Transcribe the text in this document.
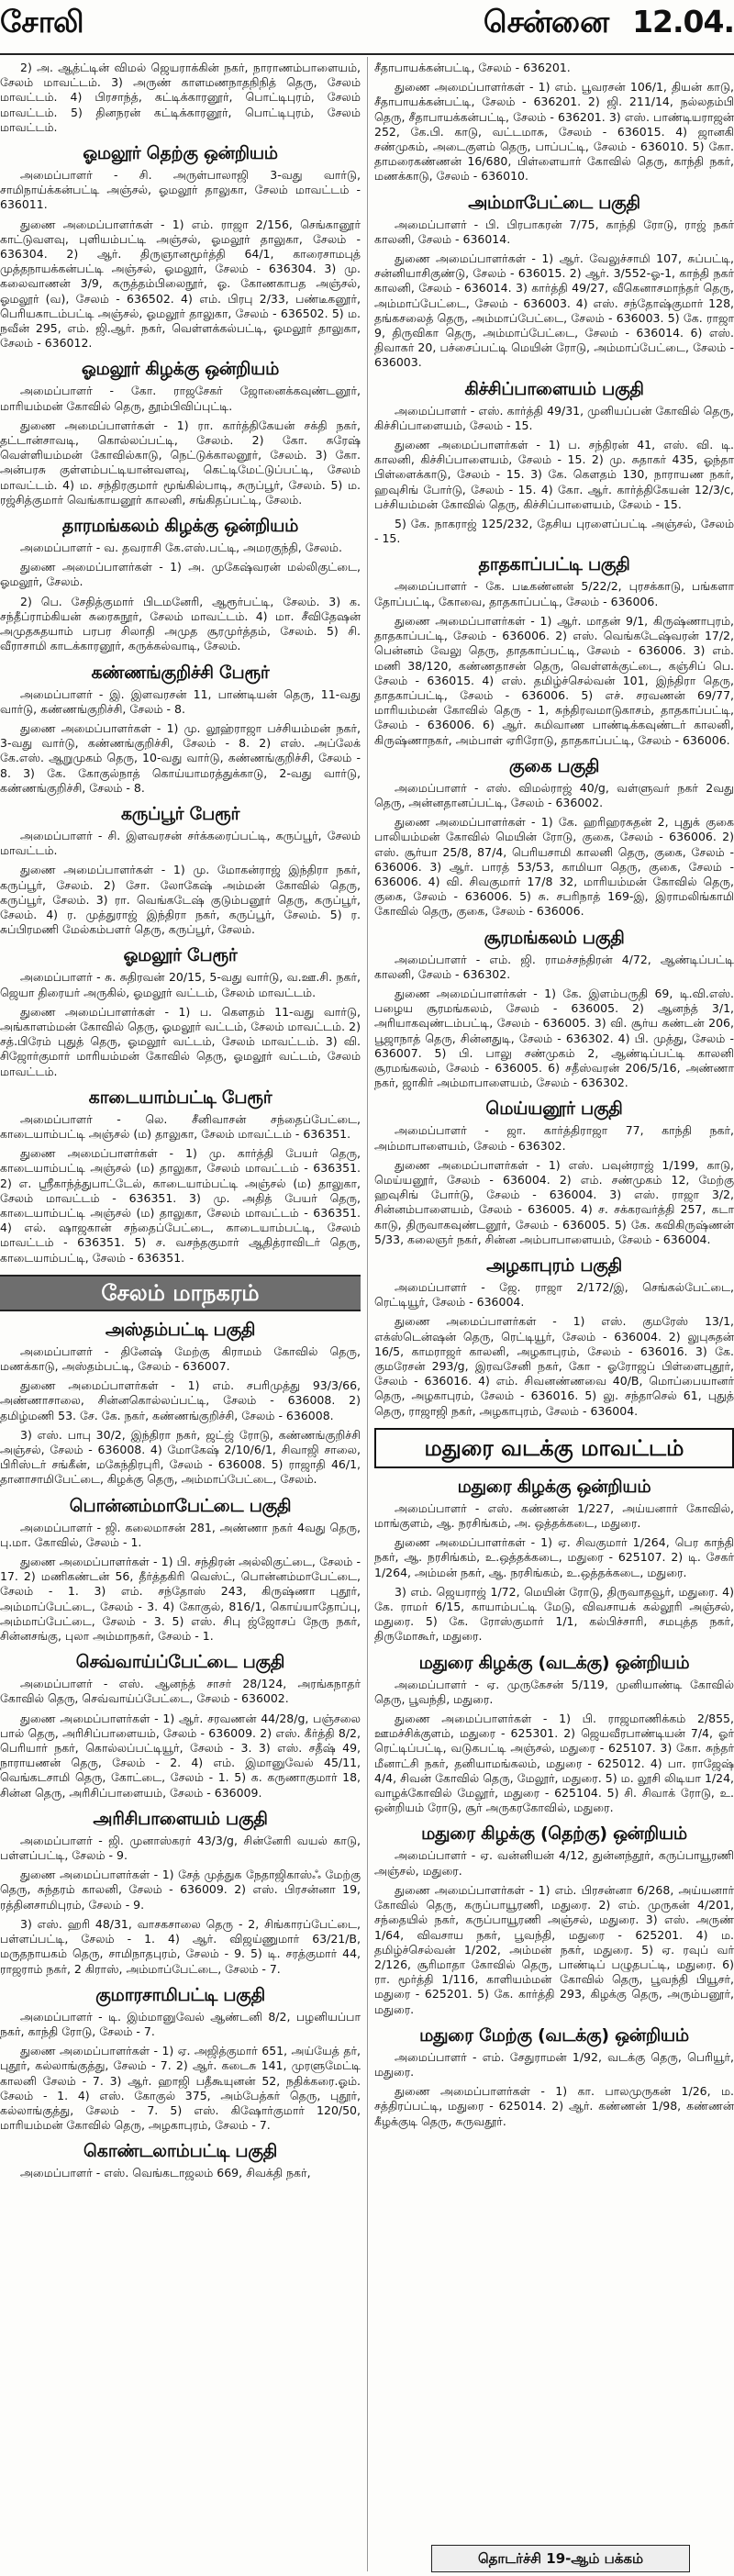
சோலி	சென்னை 12.04.
2) அ. ஆத்ட்டின் விமல் ஜெயராக்கின் நகர், நாராணம்பாளையம், சேலம் மாவட்டம். 3) அருண் காளமணநாதநிநித் தெரு, சேலம் மாவட்டம். 4) பிரசாந்த், கட்டிக்காரனூர், பொட்டிபுரம், சேலம் மாவட்டம். 5) தினநரன் கட்டிக்காரனூர், பொட்டிபுரம், சேலம் மாவட்டம்.
ஓமலூர் தெற்கு ஒன்றியம்
அமைப்பாளர் - சி. அருள்பாலாஜி 3-வது வார்டு, சாமிநாய்க்கன்பட்டி அஞ்சல், ஓமலூர் தாலுகா, சேலம் மாவட்டம் - 636011.
துணை அமைப்பாளர்கள் - 1) எம். ராஜா 2/156, செங்கானூர் காட்டுவளவு, புளியம்பட்டி அஞ்சல், ஓமலூர் தாலுகா, சேலம் - 636304. 2) ஆர். திருஞானமூர்த்தி 64/1, காரைசாமபுத் முத்தநாயக்கன்பட்டி அஞ்சல், ஓமலூர், சேலம் - 636304. 3) மு. கலைவாணன் 3/9, கருத்தம்பிலைநூர், ஓ. கோணகாபத அஞ்சல், ஓமலூர் (வ), சேலம் - 636502. 4) எம். பிரபு 2/33, பண்டீகனூர், பெரியகாடம்பட்டி அஞ்சல், ஓமலூர் தாலுகா, சேலம் - 636502. 5) ம. நவீன் 295, எம். ஜி.ஆர். நகர், வெள்ளக்கல்பட்டி, ஓமலூர் தாலுகா, சேலம் - 636012.
ஓமலூர் கிழக்கு ஒன்றியம்
அமைப்பாளர் - கோ. ராஜசேகர் ஜோனைக்கவுண்டனூர், மாரியம்மன் கோவில் தெரு, தூம்பிவிப்புட்டி.
துணை அமைப்பாளர்கள் - 1) ரா. கார்த்திகேயன் சக்தி நகர், தட்டான்சாவடி, கொல்லப்பட்டி, சேலம். 2) கோ. சுரேஷ் வெள்ளியம்மன் கோவில்காடு, நெட்டுக்காலனூர், சேலம். 3) கோ. அன்பரசு குள்ளம்பட்டியான்வளவு, கெட்டிமேட்டுப்பட்டி, சேலம் மாவட்டம். 4) ம. சந்திரகுமார் மூங்கில்பாடி, சுருப்பூர், சேலம். 5) ம. ரஜ்சித்குமார் வெங்காயனூர் காலனி, சங்கிதப்பட்டி, சேலம்.
தாரமங்கலம் கிழக்கு ஒன்றியம்
அமைப்பாளர் - வ. தவராசி கே.எஸ்.பட்டி, அமரகுந்தி, சேலம்.
துணை அமைப்பாளர்கள் - 1) அ. முகேஷ்வரன் மல்லிகுட்டை, ஓமலூர், சேலம்.
2) பெ. சேதித்குமார் பிடமனேரி, ஆரூர்பட்டி, சேலம். 3) க. சந்தீப்ராம்கியன் சுரைசுநூர், சேலம் மாவட்டம். 4) மா. சீவிதேஷன் அமுதசுதயாம் பரபர சிலாதி அமுத சூரமுர்த்தம், சேலம். 5) சி. வீராசாமி காடக்காரனூர், கருக்கல்வாடி, சேலம்.
கண்ணங்குறிச்சி பேரூர்
அமைப்பாளர் - இ. இளவரசன் 11, பாண்டியன் தெரு, 11-வது வார்டு, கண்ணங்குறிச்சி, சேலம் - 8.
துணை அமைப்பாளர்கள் - 1) மு. லூஹ்ராஜா பச்சியம்மன் நகர், 3-வது வார்டு, கண்ணங்குறிச்சி, சேலம் - 8. 2) எஸ். அப்லேக் கே.எஸ். ஆறுமுகம் தெரு, 10-வது வார்டு, கண்ணங்குறிச்சி, சேலம் - 8. 3) கே. கோகுல்நாத் கொய்யாமரத்துக்காடு, 2-வது வார்டு, கண்ணங்குறிச்சி, சேலம் - 8.
கருப்பூர் பேரூர்
அமைப்பாளர் - சி. இளவரசன் சர்க்கரைப்பட்டி, கருப்பூர், சேலம் மாவட்டம்.
துணை அமைப்பாளர்கள் - 1) மு. மோகன்ராஜ் இந்திரா நகர், கருப்பூர், சேலம். 2) சோ. லோகேஷ் அம்மன் கோவில் தெரு, கருப்பூர், சேலம். 3) ரா. வெங்கடேஷ் குடும்பனூர் தெரு, கருப்பூர், சேலம். 4) ர. முத்துராஜ் இந்திரா நகர், கருப்பூர், சேலம். 5) ர. சுப்பிரமணி மேல்கம்பளர் தெரு, கருப்பூர், சேலம்.
ஓமலூர் பேரூர்
அமைப்பாளர் - சு. சுதிரவன் 20/15, 5-வது வார்டு, வ.ஊ.சி. நகர், ஜெயா திரையர் அருகில், ஓமலூர் வட்டம், சேலம் மாவட்டம்.
துணை அமைப்பாளர்கள் - 1) ப. கௌதம் 11-வது வார்டு, அங்காளம்மன் கோவில் தெரு, ஓமலூர் வட்டம், சேலம் மாவட்டம். 2) சத்.பிரேம் புதுத் தெரு, ஓமலூர் வட்டம், சேலம் மாவட்டம். 3) வி. சிஜோர்குமார் மாரியம்மன் கோவில் தெரு, ஓமலூர் வட்டம், சேலம் மாவட்டம்.
காடையாம்பட்டி பேரூர்
அமைப்பாளர் - லெ. சீனிவாசன் சந்தைப்பேட்டை, காடையாம்பட்டி அஞ்சல் (ம) தாலுகா, சேலம் மாவட்டம் - 636351.
துணை அமைப்பாளர்கள் - 1) மு. கார்த்தி பேயர் தெரு, காடையாம்பட்டி அஞ்சல் (ம) தாலுகா, சேலம் மாவட்டம் - 636351. 2) எ. ஸ்ரீகாந்த்துபாட்டேல், காடையாம்பட்டி அஞ்சல் (ம) தாலுகா, சேலம் மாவட்டம் - 636351. 3) மு. அதித் பேயர் தெரு, காடையாம்பட்டி அஞ்சல் (ம) தாலுகா, சேலம் மாவட்டம் - 636351. 4) எல். ஷாஜகான் சந்தைப்பேட்டை, காடையாம்பட்டி, சேலம் மாவட்டம் - 636351. 5) ச. வசந்தகுமார் ஆதித்ராவிடர் தெரு, காடையாம்பட்டி, சேலம் - 636351.
சேலம் மாநகரம்
அஸ்தம்பட்டி பகுதி
அமைப்பாளர் - தினேஷ் மேற்கு கிராமம் கோவில் தெரு, மணக்காடு, அஸ்தம்பட்டி, சேலம் - 636007.
துணை அமைப்பாளர்கள் - 1) எம். சபரிமுத்து 93/3/66, அண்ணாசாலை, சின்னகொல்லப்பட்டி, சேலம் - 636008. 2) தமிழ்மணி 53. சே. கே. நகர், கண்ணங்குறிச்சி, சேலம் - 636008.
3) எஸ். பாபு 30/2, இந்திரா நகர், ஜட்ஜ் ரோடு, கண்ணங்குறிச்சி அஞ்சல், சேலம் - 636008. 4) மோகேஷ் 2/10/6/1, சிவாஜி சாலை, பிரிஸ்டர் சங்கீன், மகேந்திரபுரி, சேலம் - 636008. 5) ராஜாதி 46/1, தானாசாமிபேட்டை, கிழக்கு தெரு, அம்மாப்பேட்டை, சேலம்.
பொன்னம்மாபேட்டை பகுதி
அமைப்பாளர் - ஜி. கலைமாசன் 281, அண்ணா நகர் 4வது தெரு, பு.மா. கோவில், சேலம் - 1.
துணை அமைப்பாளர்கள் - 1) பி. சந்திரன் அல்லிகுட்டை, சேலம் - 17. 2) மணிகண்டன் 56, தீர்த்தகிரி வெஸ்ட், பொன்னம்மாபேட்டை, சேலம் - 1. 3) எம். சந்தோஸ் 243, கிருஷ்ணா புதூர், அம்மாப்பேட்டை, சேலம் - 3. 4) கோகுல், 816/1, கொய்யாதோப்பு, அம்மாப்பேட்டை, சேலம் - 3. 5) எஸ். சிபு ஜ்ஜோசப் நேரு நகர், சின்னசங்கு, புலா அம்மாநகர், சேலம் - 1.
செவ்வாய்ப்பேட்டை பகுதி
அமைப்பாளர் - எஸ். ஆனந்த் சாசர் 28/124, அரங்கநாதர் கோவில் தெரு, செவ்வாய்ப்பேட்டை, சேலம் - 636002.
துணை அமைப்பாளர்கள் - 1) ஆர். சரவணன் 44/28/g, பஞ்சலை பால் தெரு, அரிசிப்பாளையம், சேலம் - 636009. 2) எஸ். கீர்த்தி 8/2, பெரியார் நகர், கொல்லப்பட்டியூர், சேலம் - 3. 3) எஸ். சதீஷ் 49, நாராயணன் தெரு, சேலம் - 2. 4) எம். இமானுவேல் 45/11, வெங்கடசாமி தெரு, கோட்டை, சேலம் - 1. 5) க. கருணாகுமார் 18, சின்ன தெரு, அரிசிப்பாளையம், சேலம் - 636009.
அரிசிபாளையம் பகுதி
அமைப்பாளர் - ஜி. முனாஸ்கரர் 43/3/g, சின்னேரி வயல் காடு, பள்ளப்பட்டி, சேலம் - 9.
துணை அமைப்பாளர்கள் - 1) சேத் முத்துக நேதாஜிகாஸ்ஃ மேற்கு தெரு, சுந்தரம் காலனி, சேலம் - 636009. 2) எஸ். பிரசன்னா 19, ரத்தினசாமிபுரம், சேலம் - 9.
3) எஸ். ஹரி 48/31, வாசகசாலை தெரு - 2, சிங்காரப்பேட்டை, பள்ளப்பட்டி, சேலம் - 1. 4) ஆர். விஜய்ணுமார் 63/21/B, மருதநாயகம் தெரு, சாமிநாதபுரம், சேலம் - 9. 5) டி. சரத்குமார் 44, ராஜராம் நகர், 2 கிராஸ், அம்மாப்பேட்டை, சேலம் - 7.
குமாரசாமிபட்டி பகுதி
அமைப்பாளர் - டி. இம்மானுவேல் ஆண்டனி 8/2, பழனியப்பா நகர், காந்தி ரோடு, சேலம் - 7.
துணை அமைப்பாளர்கள் - 1) ஏ. அஜித்குமார் 651, அய்யேத் தர், புதூர், கல்லாங்குத்து, சேலம் - 7. 2) ஆர். கடைசு 141, முரளுமேட்டி காலனி சேலம் - 7. 3) ஆர். ஹாஜி பதீகூயுனன் 52, நதிக்கரை.ஓம். சேலம் - 1. 4) எஸ். கோகுல் 375, அம்பேத்கர் தெரு, புதூர், கல்லாங்குத்து, சேலம் - 7. 5) எஸ். கிஷோர்குமார் 120/50, மாரியம்மன் கோவில் தெரு, அழகாபுரம், சேலம் - 7.
கொண்டலாம்பட்டி பகுதி
அமைப்பாளர் - எஸ். வெங்கடாஜலம் 669, சிவக்தி நகர்,
சீதாபாயக்கன்பட்டி, சேலம் - 636201.
துணை அமைப்பாளர்கள் - 1) எம். பூவரசன் 106/1, தியன் காடு, சீதாபாயக்கன்பட்டி, சேலம் - 636201. 2) ஜி. 211/14, நல்லதம்பி தெரு, சீதாபாயக்கன்பட்டி, சேலம் - 636201. 3) எஸ். பாண்டியராஜன் 252, கே.பி. காடு, வட்டமாசு, சேலம் - 636015. 4) ஜானகி சண்முகம், அடைகுளம் தெரு, பாப்பட்டி, சேலம் - 636010. 5) கோ. தாமரைகண்ணன் 16/680, பிள்ளையார் கோவில் தெரு, காந்தி நகர், மணக்காடு, சேலம் - 636010.
அம்மாபேட்டை பகுதி
அமைப்பாளர் - பி. பிரபாகரன் 7/75, காந்தி ரோடு, ராஜ் நகர் காலனி, சேலம் - 636014.
துணை அமைப்பாளர்கள் - 1) ஆர். வேலுச்சாமி 107, சுப்பட்டி, சன்னியாசிகுண்டு, சேலம் - 636015. 2) ஆர். 3/552-ஓ-1, காந்தி நகர் காலனி, சேலம் - 636014. 3) கார்த்தி 49/27, வீகெனாசமாந்தர் தெரு, அம்மாப்பேட்டை, சேலம் - 636003. 4) எஸ். சந்தோஷ்குமார் 128, தங்கசலைத் தெரு, அம்மாப்பேட்டை, சேலம் - 636003. 5) கே. ராஜா 9, திருவிகா தெரு, அம்மாப்பேட்டை, சேலம் - 636014. 6) எஸ். திவாகர் 20, பச்சைப்பட்டி மெயின் ரோடு, அம்மாப்பேட்டை, சேலம் - 636003.
கிச்சிப்பாளையம் பகுதி
அமைப்பாளர் - எஸ். கார்த்தி 49/31, முனியப்பன் கோவில் தெரு, கிச்சிப்பாளையம், சேலம் - 15.
துணை அமைப்பாளர்கள் - 1) ப. சந்திரன் 41, எஸ். வி. டி. காலனி, கிச்சிப்பாளையம், சேலம் - 15. 2) மு. சுதாகர் 435, ஓந்தா பிள்ளைக்காடு, சேலம் - 15. 3) கே. கௌதம் 130, நாராயண நகர், ஹவுசிங் போர்டு, சேலம் - 15. 4) கோ. ஆர். கார்த்திகேயன் 12/3/c, பச்சியம்மன் கோவில் தெரு, கிச்சிப்பாளையம், சேலம் - 15.
5) கே. நாகராஜ் 125/232, தேசிய புரளைப்பட்டி அஞ்சல், சேலம் - 15.
தாதகாப்பட்டி பகுதி
அமைப்பாளர் - கே. படீகண்னன் 5/22/2, புரசக்காடு, பங்களா தோப்பட்டி, கோவை, தாதகாப்பட்டி, சேலம் - 636006.
துணை அமைப்பாளர்கள் - 1) ஆர். மாதன் 9/1, கிருஷ்ணாபுரம், தாதகாப்பட்டி, சேலம் - 636006. 2) எஸ். வெங்கடேஷ்வரன் 17/2, பென்னம் வேலு தெரு, தாதகாப்பட்டி, சேலம் - 636006. 3) எம். மணி 38/120, கண்ணதாசன் தெரு, வெள்ளக்குட்டை, கஞ்சிப் பெ. சேலம் - 636015. 4) எஸ். தமிழ்ச்செல்வன் 101, இந்திரா தெரு, தாதகாப்பட்டி, சேலம் - 636006. 5) எச். சரவணன் 69/77, மாரியம்மன் கோவில் தெரு - 1, சுந்திரவமாடுகாசம், தாதகாப்பட்டி, சேலம் - 636006. 6) ஆர். சுமிவாண பாண்டிக்கவுண்டர் காலனி, கிருஷ்ணாநகர், அம்பாள் ஏரிரோடு, தாதகாப்பட்டி, சேலம் - 636006.
குகை பகுதி
அமைப்பாளர் - எஸ். விமல்ராஜ் 40/g, வள்ளுவர் நகர் 2வது தெரு, அன்னதானப்பட்டி, சேலம் - 636002.
துணை அமைப்பாளர்கள் - 1) கே. ஹரிஹரசுதன் 2, புதுக் குகை பாலியம்மன் கோவில் மெயின் ரோடு, குகை, சேலம் - 636006. 2) எஸ். சூர்யா 25/8, 87/4, பெரியசாமி காலனி தெரு, குகை, சேலம் - 636006. 3) ஆர். பாரத் 53/53, காமியா தெரு, குகை, சேலம் - 636006. 4) வி. சிவகுமார் 17/8 32, மாரியம்மன் கோவில் தெரு, குகை, சேலம் - 636006. 5) சு. சபரிநாத் 169-இ, இராமலிங்காமி கோவில் தெரு, குகை, சேலம் - 636006.
சூரமங்கலம் பகுதி
அமைப்பாளர் - எம். ஜி. ராமச்சந்திரன் 4/72, ஆண்டிப்பட்டி காலனி, சேலம் - 636302.
துணை அமைப்பாளர்கள் - 1) கே. இளம்பருதி 69, டி.வி.எஸ். பழைய சூரமங்கலம், சேலம் - 636005. 2) ஆனந்த் 3/1, அரியாகவுண்டம்பட்டி, சேலம் - 636005. 3) வி. சூர்ய கண்டன் 206, பூஜாநாத் தெரு, சின்னதுடி, சேலம் - 636302. 4) பி. முத்து, சேலம் - 636007. 5) பி. பாலு சண்முகம் 2, ஆண்டிப்பட்டி காலனி சூரமங்கலம், சேலம் - 636005. 6) சதீஸ்வரன் 206/5/16, அண்ணா நகர், ஜாகிர் அம்மாபாளையம், சேலம் - 636302.
மெய்யனூர் பகுதி
அமைப்பாளர் - ஜா. கார்த்திராஜா 77, காந்தி நகர், அம்மாபாளையம், சேலம் - 636302.
துணை அமைப்பாளர்கள் - 1) எஸ். பவுன்ராஜ் 1/199, காடு, மெய்யனூர், சேலம் - 636004. 2) எம். சண்முகம் 12, மேற்கு ஹவுசிங் போர்டு, சேலம் - 636004. 3) எஸ். ராஜா 3/2, சின்னம்பாளையம், சேலம் - 636005. 4) ச. சக்கரவர்த்தி 257, கடா காடு, திருவாகவுண்டனூர், சேலம் - 636005. 5) கே. கவிகிருஷ்ணன் 5/33, கலைஞர் நகர், சின்ன அம்பாபாளையம், சேலம் - 636004.
அழகாபுரம் பகுதி
அமைப்பாளர் - ஜே. ராஜா 2/172/இ, செங்கல்பேட்டை, ரெட்டியூர், சேலம் - 636004.
துணை அமைப்பாளர்கள் - 1) எஸ். குமரேஸ் 13/1, எக்ஸ்டென்ஷன் தெரு, ரெட்டியூர், சேலம் - 636004. 2) லுபுசுதன் 16/5, காமராஜர் காலனி, அழகாபுரம், சேலம் - 636016. 3) கே. குமரேசன் 293/g, இரவசேனி நகர், கோ - ஓரோஜப் பிள்ளைபுதூர், சேலம் - 636016. 4) எம். சிவனண்ணவை 40/B, மொப்பையானர் தெரு, அழகாபுரம், சேலம் - 636016. 5) லு. சந்தாசெல் 61, புதுத் தெரு, ராஜாஜி நகர், அழகாபுரம், சேலம் - 636004.
மதுரை வடக்கு மாவட்டம்
மதுரை கிழக்கு ஒன்றியம்
அமைப்பாளர் - எஸ். கண்ணன் 1/227, அய்யனார் கோவில், மாங்குளம், ஆ. நரசிங்கம், அ. ஒத்தக்கடை, மதுரை.
துணை அமைப்பாளர்கள் - 1) ஏ. சிவகுமார் 1/264, பெர காந்தி நகர், ஆ. நரசிங்கம், உ.ஒத்தக்கடை, மதுரை - 625107. 2) டி. சேகர் 1/264, அம்மன் நகர், ஆ. நரசிங்கம், உ.ஒத்தக்கடை, மதுரை.
3) எம். ஜெயராஜ் 1/72, மெயின் ரோடு, திருவாதவூர், மதுரை. 4) கே. ராமர் 6/15, காயாம்பட்டி மேடு, விவசாயக் கல்லூரி அஞ்சல், மதுரை. 5) கே. ரோஸ்குமார் 1/1, கல்பிச்சாரி, சமபுத்த நகர், திருமோகூர், மதுரை.
மதுரை கிழக்கு (வடக்கு) ஒன்றியம்
அமைப்பாளர் - ஏ. முருகேசன் 5/119, முனியாண்டி கோவில் தெரு, பூவந்தி, மதுரை.
துணை அமைப்பாளர்கள் - 1) பி. ராஜமாணிக்கம் 2/855, ஊமச்சிக்குளம், மதுரை - 625301. 2) ஜெயவீரபாண்டியன் 7/4, ஓர் ரெட்டிப்பட்டி, வடுகபட்டி அஞ்சல், மதுரை - 625107. 3) கோ. சுந்தர் மீனாட்சி நகர், தனியாமங்கலம், மதுரை - 625012. 4) பா. ராஜேஷ் 4/4, சிவன் கோவில் தெரு, மேலூர், மதுரை. 5) ம. லூசி லிடியா 1/24, வாழக்கோவில் மேலூர், மதுரை - 625104. 5) சி. சிவாக் ரோடு, உ. ஒன்றியம் ரோடு, சூர் அருகரகோவில், மதுரை.
மதுரை கிழக்கு (தெற்கு) ஒன்றியம்
அமைப்பாளர் - ஏ. வன்னியன் 4/12, துன்னந்தூர், கருப்பாயூரணி அஞ்சல், மதுரை.
துணை அமைப்பாளர்கள் - 1) எம். பிரசன்னா 6/268, அய்யனார் கோவில் தெரு, கருப்பாயூரணி, மதுரை. 2) எம். முருகன் 4/201, சந்தையில் நகர், கருப்பாயூரணி அஞ்சல், மதுரை. 3) எஸ். அருண் 1/64, விவசாய நகர், பூவந்தி, மதுரை - 625201. 4) ம. தமிழ்ச்செல்வன் 1/202, அம்மன் நகர், மதுரை. 5) ஏ. ரவுப் வர் 2/126, சூரிமாதா கோவில் தெரு, பாண்டிப் பழுதபட்டி, மதுரை. 6) ரா. மூர்த்தி 1/116, காளியம்மன் கோவில் தெரு, பூவந்தி பியூசர், மதுரை - 625201. 5) கே. கார்த்தி 293, கிழக்கு தெரு, அரும்பனூர், மதுரை.
மதுரை மேற்கு (வடக்கு) ஒன்றியம்
அமைப்பாளர் - எம். சேதுராமன் 1/92, வடக்கு தெரு, பெரியூர், மதுரை.
துணை அமைப்பாளர்கள் - 1) கா. பாலமுருகன் 1/26, ம. சத்திரப்பட்டி, மதுரை - 625014. 2) ஆர். கண்ணன் 1/98, கண்ணன் கீழக்குடி தெரு, சுருவதூர்.
தொடர்ச்சி 19-ஆம் பக்கம்
